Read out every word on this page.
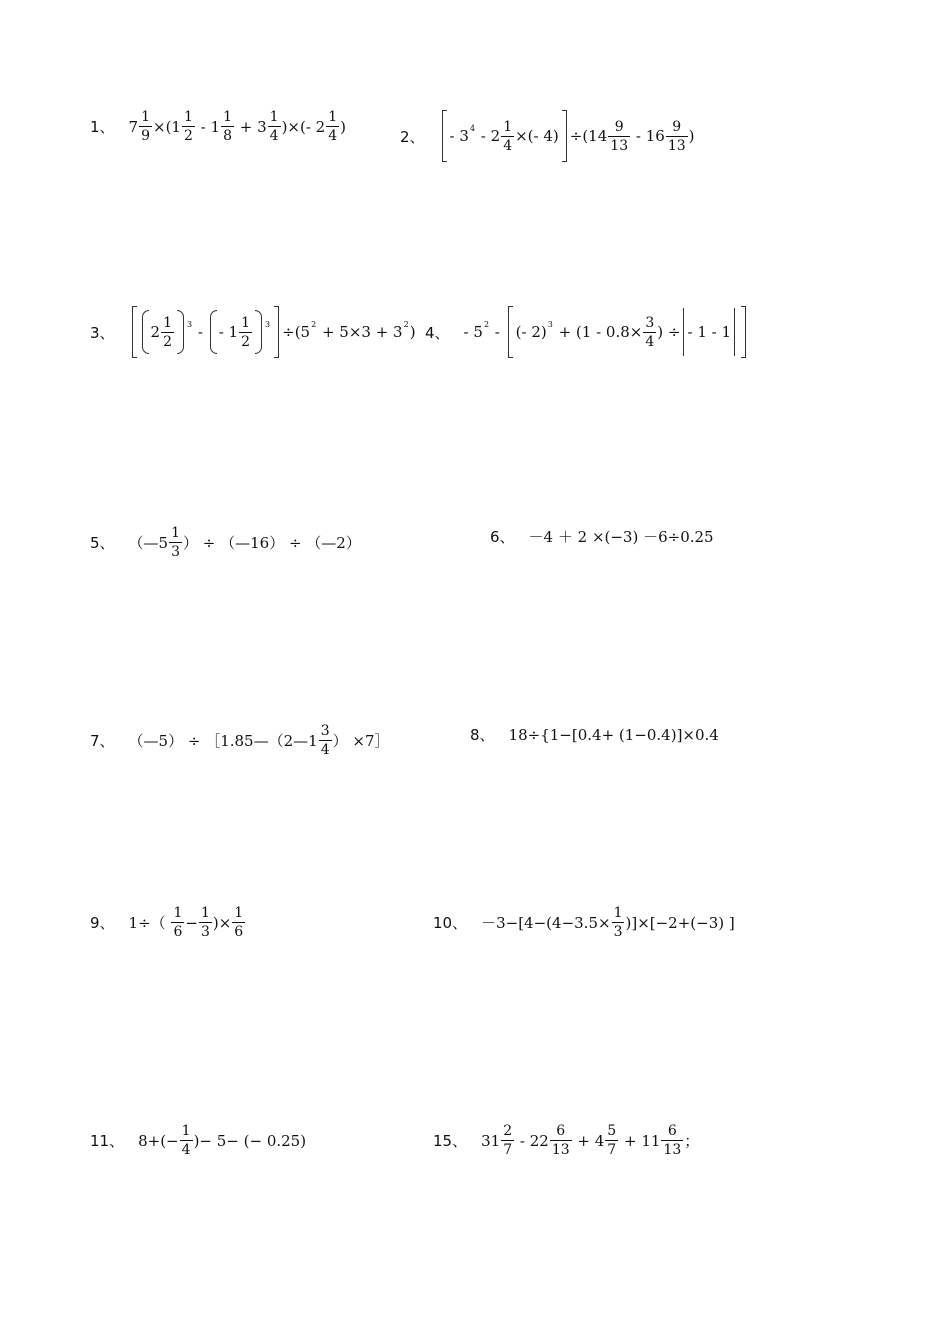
1、 $7 \frac{1}{9} \times(1 \frac{1}{2} - 1 \frac{1}{8} + 3 \frac{1}{4}$ )×(- $2 \frac{1}{4}$ )
2、 - 3 $4 - 2 \frac{1}{4}$ ×(- $4) \div(14 \frac{9}{13} - 16 \frac{9}{13}$ )
3、 $2 \frac{1}{2} 3$ - - $1 \frac{1}{2} 3 \div(5$ 2 + 5×3 + 3 2 ) 4、 - 5 2 - (- 2) $3 + (1 - 0.8\times \frac{3}{4}$ ) ÷ - 1 - 1
5、 （—5 $\frac{1}{3}$ ） ÷ （—16） ÷ （—2）	6、 －4 ＋ 2 ×(−3) －6÷0.25
7、 （—5） ÷ ［1.85—（2—1 $\frac{3}{4}$ ） ×7］	8、 18÷{1−[0.4+ (1−0.4)]×0.4
9、 $1\div( \frac{1}{6} - \frac{1}{3}$ )× $\frac{1}{6}$	10、 $-3-[4-(4-3.5\times \frac{1}{3} )]\times[-2+(-3)$ ]
11、 $8+(- \frac{1}{4}$ )− 5− (− 0.25)	15、 $31 \frac{2}{7} - 22 \frac{6}{13} + 4 \frac{5}{7} + 11 \frac{6}{13}$ ；
